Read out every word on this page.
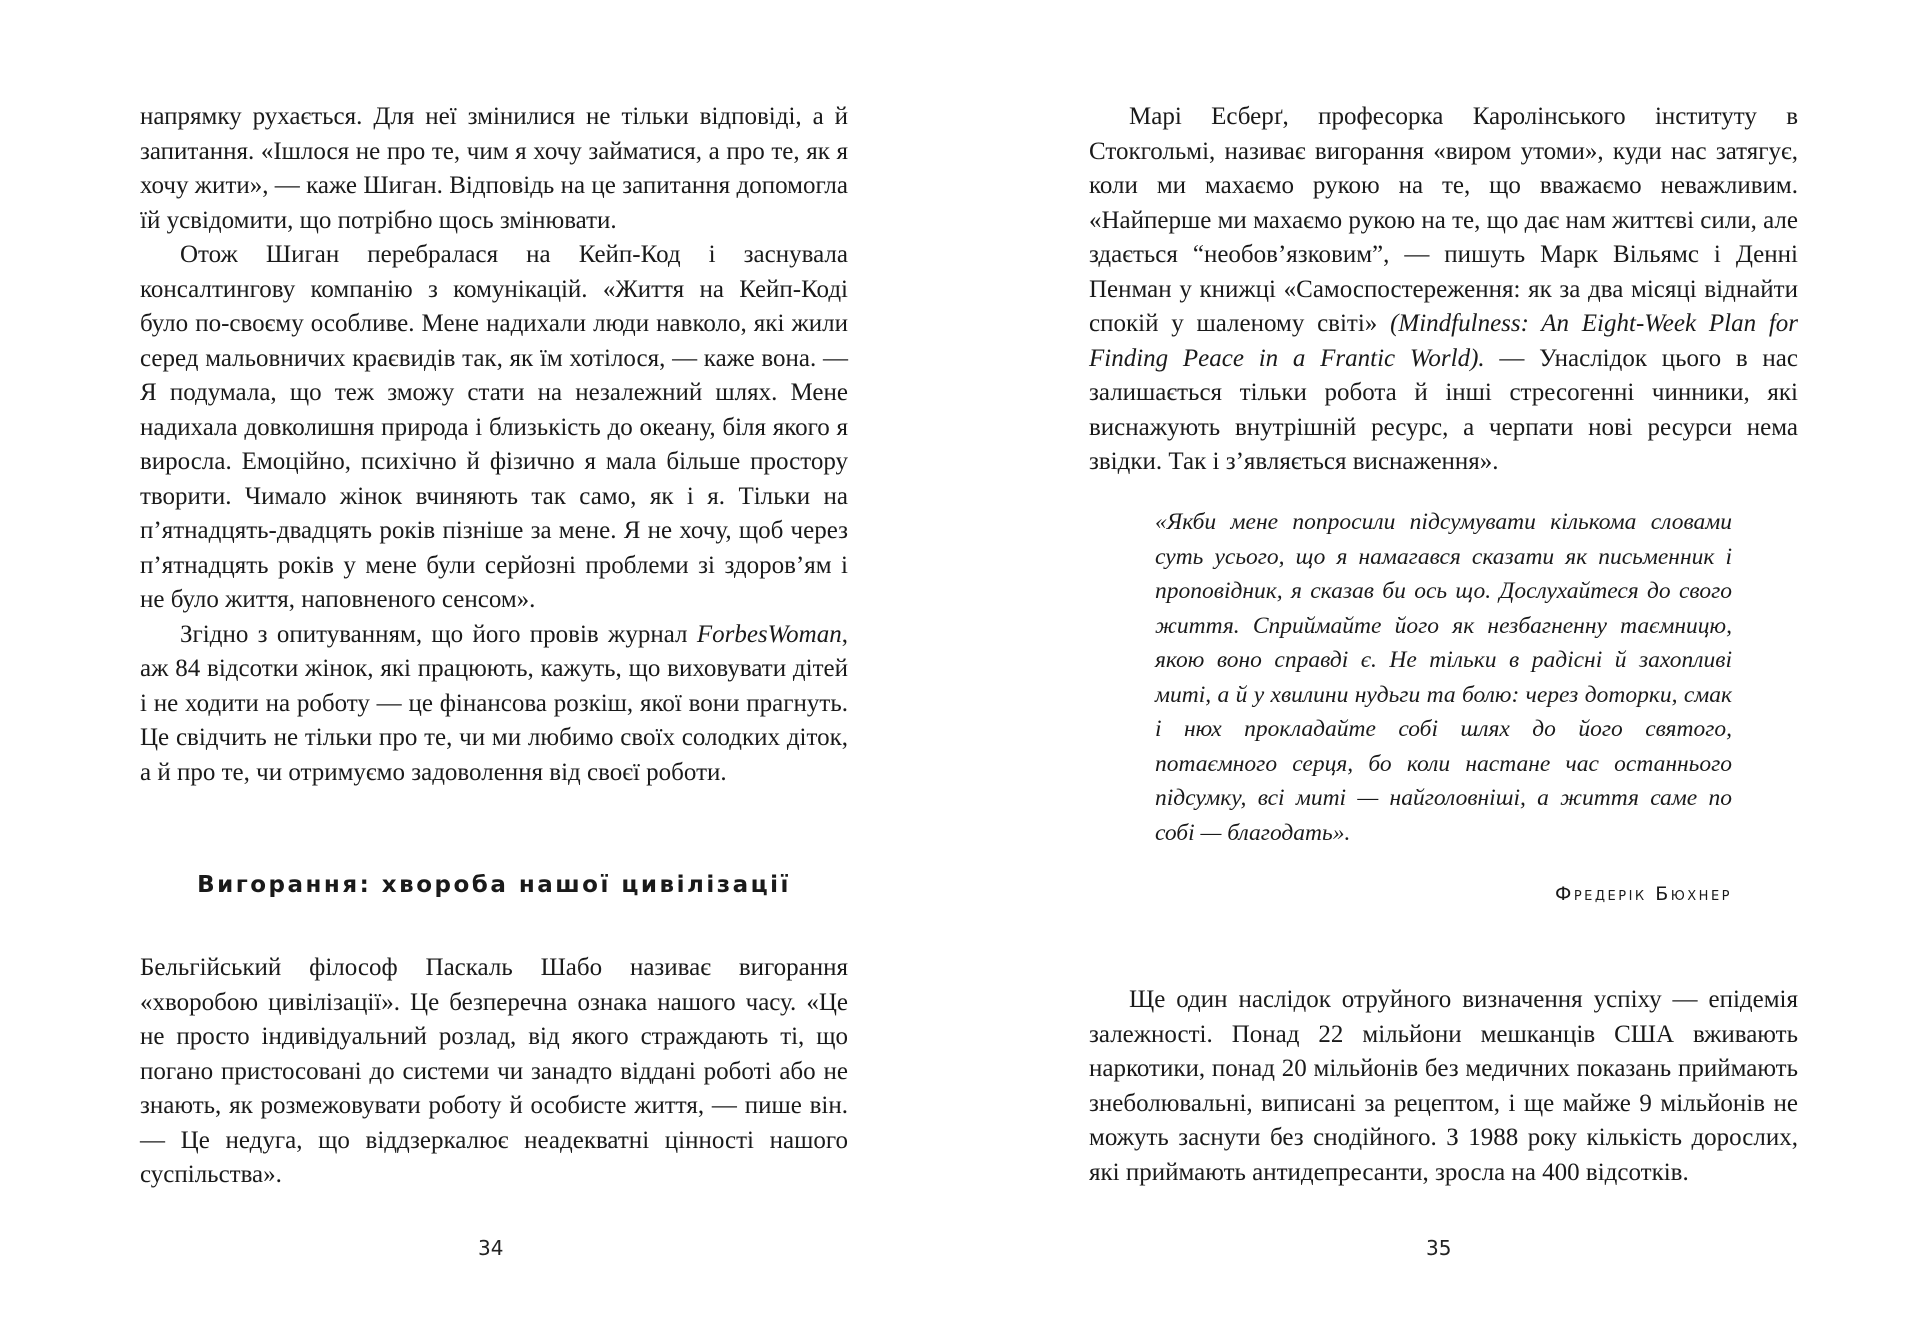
напрямку рухається. Для неї змінилися не тільки відповіді, а й запитання. «Ішлося не про те, чим я хочу займатися, а про те, як я хочу жити», — каже Шиган. Відповідь на це запитання допомогла їй усвідомити, що потрібно щось змінювати.

Отож Шиган перебралася на Кейп-Код і заснувала консалтингову компанію з комунікацій. «Життя на Кейп-Коді було по-своєму особливе. Мене надихали люди навколо, які жили серед мальовничих краєвидів так, як їм хотілося, — каже вона. — Я подумала, що теж зможу стати на незалежний шлях. Мене надихала довколишня природа і близькість до океану, біля якого я виросла. Емоційно, психічно й фізично я мала більше простору творити. Чимало жінок вчиняють так само, як і я. Тільки на п’ятнадцять-двадцять років пізніше за мене. Я не хочу, щоб через п’ятнадцять років у мене були серйозні проблеми зі здоров’ям і не було життя, наповненого сенсом».

Згідно з опитуванням, що його провів журнал ForbesWoman, аж 84 відсотки жінок, які працюють, кажуть, що виховувати дітей і не ходити на роботу — це фінансова розкіш, якої вони прагнуть. Це свідчить не тільки про те, чи ми любимо своїх солодких діток, а й про те, чи отримуємо задоволення від своєї роботи.

Вигорання: хвороба нашої цивілізації

Бельгійський філософ Паскаль Шабо називає вигорання «хворобою цивілізації». Це безперечна ознака нашого часу. «Це не просто індивідуальний розлад, від якого страждають ті, що погано пристосовані до системи чи занадто віддані роботі або не знають, як розмежовувати роботу й особисте життя, — пише він. — Це недуга, що віддзеркалює неадекватні цінності нашого суспільства».

34

Марі Есберґ, професорка Каролінського інституту в Стокгольмі, називає вигорання «виром утоми», куди нас затягує, коли ми махаємо рукою на те, що вважаємо неважливим. «Найперше ми махаємо рукою на те, що дає нам життєві сили, але здається “необов’язковим”, — пишуть Марк Вільямс і Денні Пенман у книжці «Самоспостереження: як за два місяці віднайти спокій у шаленому світі» (Mindfulness: An Eight-Week Plan for Finding Peace in a Frantic World). — Унаслідок цього в нас залишається тільки робота й інші стресогенні чинники, які виснажують внутрішній ресурс, а черпати нові ресурси нема звідки. Так і з’являється виснаження».

«Якби мене попросили підсумувати кількома словами суть усього, що я намагався сказати як письменник і проповідник, я сказав би ось що. Дослухайтеся до свого життя. Сприймайте його як незбагненну таємницю, якою воно справді є. Не тільки в радісні й захопливі миті, а й у хвилини нудьги та болю: через доторки, смак і нюх прокладайте собі шлях до його святого, потаємного серця, бо коли настане час останнього підсумку, всі миті — найголовніші, а життя саме по собі — благодать».

Фредерік Бюхнер

Ще один наслідок отруйного визначення успіху — епідемія залежності. Понад 22 мільйони мешканців США вживають наркотики, понад 20 мільйонів без медичних показань приймають знеболювальні, виписані за рецептом, і ще майже 9 мільйонів не можуть заснути без снодійного. З 1988 року кількість дорослих, які приймають антидепресанти, зросла на 400 відсотків.

35
